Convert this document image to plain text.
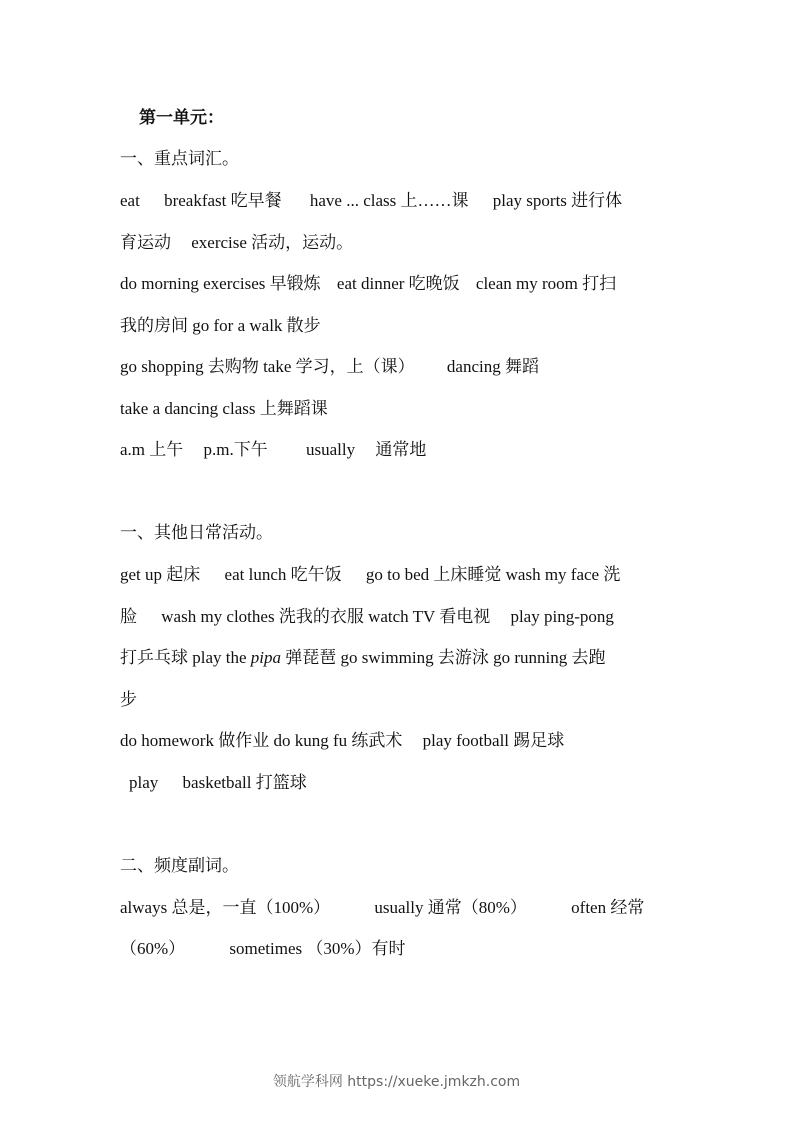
第一单元：
一、重点词汇。
eat breakfast 吃早餐 have ... class 上……课 play sports 进行体
育运动 exercise 活动，运动。
do morning exercises 早锻炼 eat dinner 吃晚饭 clean my room 打扫
我的房间 go for a walk 散步
go shopping 去购物 take 学习，上（课） dancing 舞蹈
take a dancing class 上舞蹈课
a.m 上午 p.m.下午 usually 通常地
一、其他日常活动。
get up 起床 eat lunch 吃午饭 go to bed 上床睡觉 wash my face 洗
脸 wash my clothes 洗我的衣服 watch TV 看电视 play ping-pong
打乒乓球 play the pipa 弹琵琶 go swimming 去游泳 go running 去跑
步
do homework 做作业 do kung fu 练武术 play football 踢足球
play basketball 打篮球
二、频度副词。
always 总是，一直（100%）	usually 通常（80%）	often 经常
（60%）	sometimes （30%）有时
领航学科网 https://xueke.jmkzh.com
